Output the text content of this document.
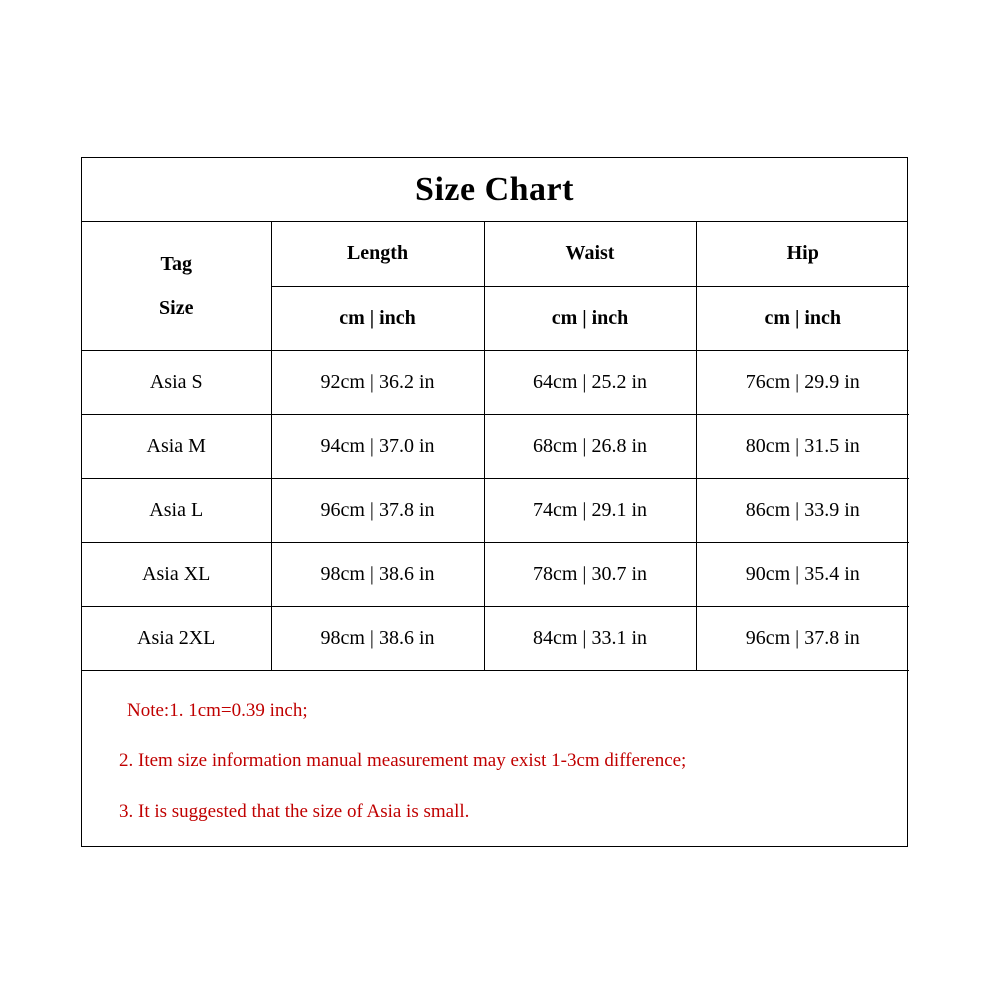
Size Chart
Tag
Size	Length	Waist	Hip
	cm | inch	cm | inch	cm | inch
Asia S	92cm | 36.2 in	64cm | 25.2 in	76cm | 29.9 in
Asia M	94cm | 37.0 in	68cm | 26.8 in	80cm | 31.5 in
Asia L	96cm | 37.8 in	74cm | 29.1 in	86cm | 33.9 in
Asia XL	98cm | 38.6 in	78cm | 30.7 in	90cm | 35.4 in
Asia 2XL	98cm | 38.6 in	84cm | 33.1 in	96cm | 37.8 in
Note:1. 1cm=0.39 inch;
2. Item size information manual measurement may exist 1-3cm difference;
3. It is suggested that the size of Asia is small.
